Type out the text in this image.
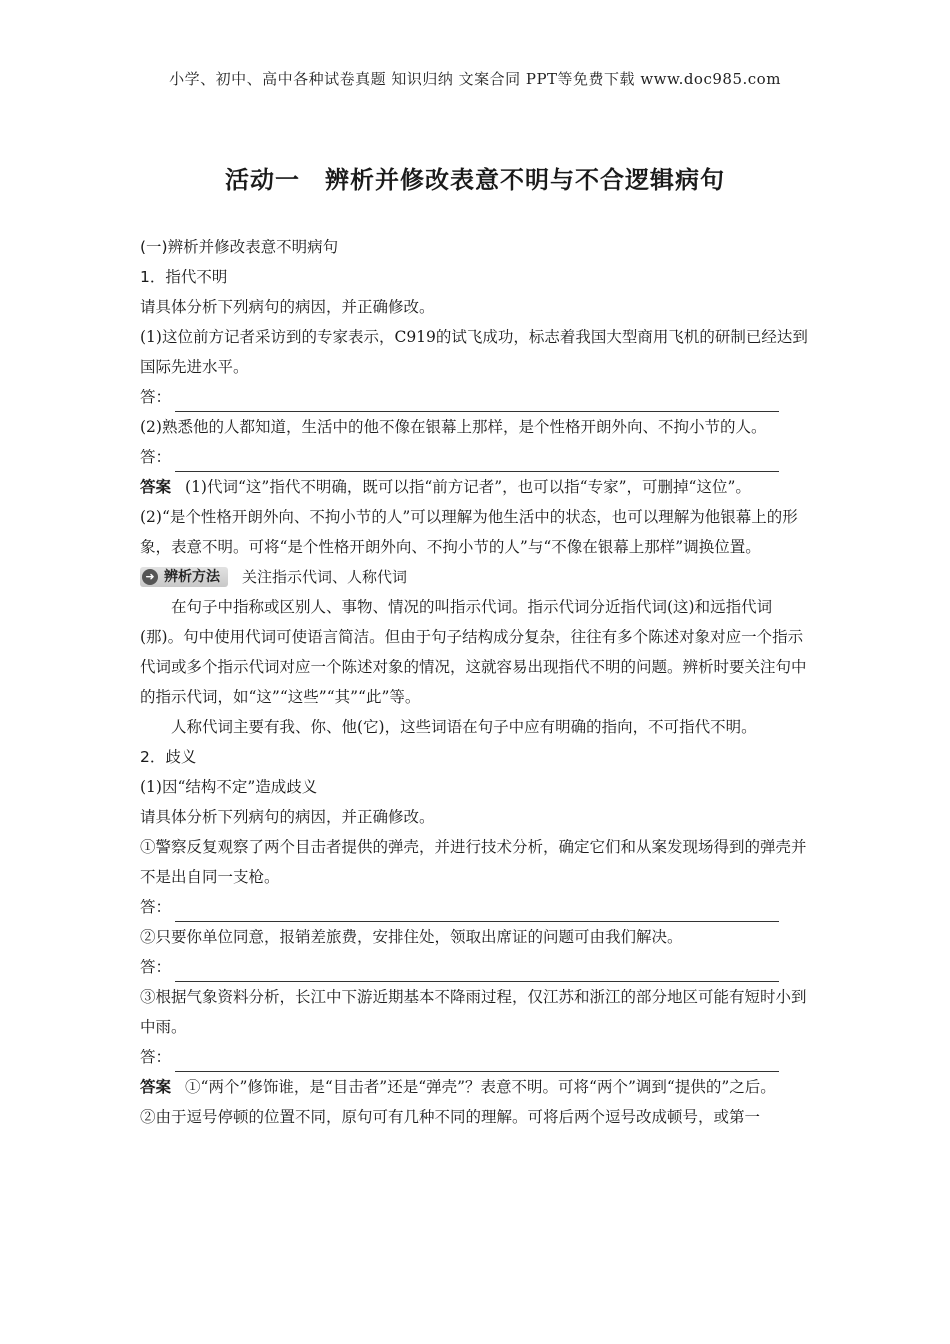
小学、初中、高中各种试卷真题 知识归纳 文案合同 PPT等免费下载 www.doc985.com
活动一　辨析并修改表意不明与不合逻辑病句

(一)辨析并修改表意不明病句

1．指代不明

请具体分析下列病句的病因，并正确修改。

(1)这位前方记者采访到的专家表示，C919的试飞成功，标志着我国大型商用飞机的研制已经达到国际先进水平。

答：

(2)熟悉他的人都知道，生活中的他不像在银幕上那样，是个性格开朗外向、不拘小节的人。

答：

答案 (1)代词“这”指代不明确，既可以指“前方记者”，也可以指“专家”，可删掉“这位”。

(2)“是个性格开朗外向、不拘小节的人”可以理解为他生活中的状态，也可以理解为他银幕上的形象，表意不明。可将“是个性格开朗外向、不拘小节的人”与“不像在银幕上那样”调换位置。

➜ 辨析方法 关注指示代词、人称代词

在句子中指称或区别人、事物、情况的叫指示代词。指示代词分近指代词(这)和远指代词(那)。句中使用代词可使语言简洁。但由于句子结构成分复杂，往往有多个陈述对象对应一个指示代词或多个指示代词对应一个陈述对象的情况，这就容易出现指代不明的问题。辨析时要关注句中的指示代词，如“这”“这些”“其”“此”等。

人称代词主要有我、你、他(它)，这些词语在句子中应有明确的指向，不可指代不明。

2．歧义

(1)因“结构不定”造成歧义

请具体分析下列病句的病因，并正确修改。

①警察反复观察了两个目击者提供的弹壳，并进行技术分析，确定它们和从案发现场得到的弹壳并不是出自同一支枪。

答：

②只要你单位同意，报销差旅费，安排住处，领取出席证的问题可由我们解决。

答：

③根据气象资料分析，长江中下游近期基本不降雨过程，仅江苏和浙江的部分地区可能有短时小到中雨。

答：

答案 ①“两个”修饰谁，是“目击者”还是“弹壳”？表意不明。可将“两个”调到“提供的”之后。

②由于逗号停顿的位置不同，原句可有几种不同的理解。可将后两个逗号改成顿号，或第一
